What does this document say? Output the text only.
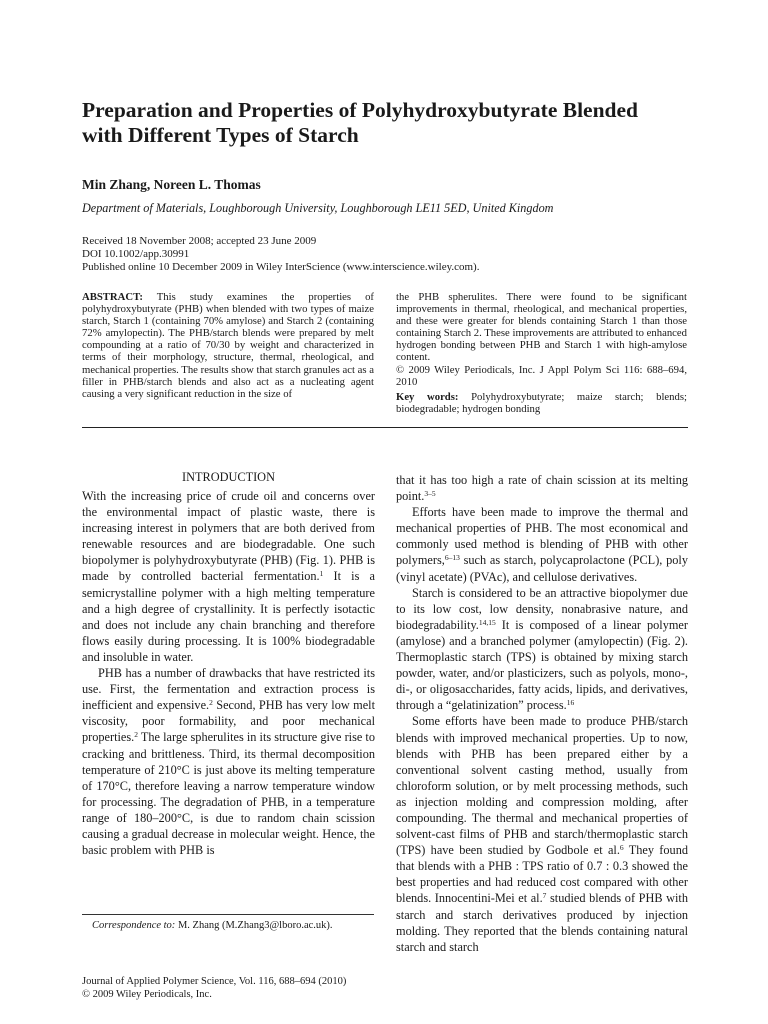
Preparation and Properties of Polyhydroxybutyrate Blended with Different Types of Starch
Min Zhang, Noreen L. Thomas
Department of Materials, Loughborough University, Loughborough LE11 5ED, United Kingdom
Received 18 November 2008; accepted 23 June 2009
DOI 10.1002/app.30991
Published online 10 December 2009 in Wiley InterScience (www.interscience.wiley.com).

ABSTRACT: This study examines the properties of polyhydroxybutyrate (PHB) when blended with two types of maize starch, Starch 1 (containing 70% amylose) and Starch 2 (containing 72% amylopectin). The PHB/starch blends were prepared by melt compounding at a ratio of 70/30 by weight and characterized in terms of their morphology, structure, thermal, rheological, and mechanical properties. The results show that starch granules act as a filler in PHB/starch blends and also act as a nucleating agent causing a very significant reduction in the size of

the PHB spherulites. There were found to be significant improvements in thermal, rheological, and mechanical properties, and these were greater for blends containing Starch 1 than those containing Starch 2. These improvements are attributed to enhanced hydrogen bonding between PHB and Starch 1 with high-amylose content.
© 2009 Wiley Periodicals, Inc. J Appl Polym Sci 116: 688–694, 2010

Key words: Polyhydroxybutyrate; maize starch; blends; biodegradable; hydrogen bonding

INTRODUCTION

With the increasing price of crude oil and concerns over the environmental impact of plastic waste, there is increasing interest in polymers that are both derived from renewable resources and are biodegradable. One such biopolymer is polyhydroxybutyrate (PHB) (Fig. 1). PHB is made by controlled bacterial fermentation.$^1$ It is a semicrystalline polymer with a high melting temperature and a high degree of crystallinity. It is perfectly isotactic and does not include any chain branching and therefore flows easily during processing. It is 100% biodegradable and insoluble in water.

PHB has a number of drawbacks that have restricted its use. First, the fermentation and extraction process is inefficient and expensive.$^2$ Second, PHB has very low melt viscosity, poor formability, and poor mechanical properties.$^2$ The large spherulites in its structure give rise to cracking and brittleness. Third, its thermal decomposition temperature of 210°C is just above its melting temperature of 170°C, therefore leaving a narrow temperature window for processing. The degradation of PHB, in a temperature range of 180–200°C, is due to random chain scission causing a gradual decrease in molecular weight. Hence, the basic problem with PHB is

that it has too high a rate of chain scission at its melting point.$^{3-5}$

Efforts have been made to improve the thermal and mechanical properties of PHB. The most economical and commonly used method is blending of PHB with other polymers,$^{6-13}$ such as starch, polycaprolactone (PCL), poly (vinyl acetate) (PVAc), and cellulose derivatives.

Starch is considered to be an attractive biopolymer due to its low cost, low density, nonabrasive nature, and biodegradability.$^{14,15}$ It is composed of a linear polymer (amylose) and a branched polymer (amylopectin) (Fig. 2). Thermoplastic starch (TPS) is obtained by mixing starch powder, water, and/or plasticizers, such as polyols, mono-, di-, or oligosaccharides, fatty acids, lipids, and derivatives, through a “gelatinization” process.$^{16}$

Some efforts have been made to produce PHB/starch blends with improved mechanical properties. Up to now, blends with PHB has been prepared either by a conventional solvent casting method, usually from chloroform solution, or by melt processing methods, such as injection molding and compression molding, after compounding. The thermal and mechanical properties of solvent-cast films of PHB and starch/thermoplastic starch (TPS) have been studied by Godbole et al.$^6$ They found that blends with a PHB : TPS ratio of 0.7 : 0.3 showed the best properties and had reduced cost compared with other blends. Innocentini-Mei et al.$^7$ studied blends of PHB with starch and starch derivatives produced by injection molding. They reported that the blends containing natural starch and starch

Correspondence to: M. Zhang (M.Zhang3@lboro.ac.uk).
Journal of Applied Polymer Science, Vol. 116, 688–694 (2010)
© 2009 Wiley Periodicals, Inc.
